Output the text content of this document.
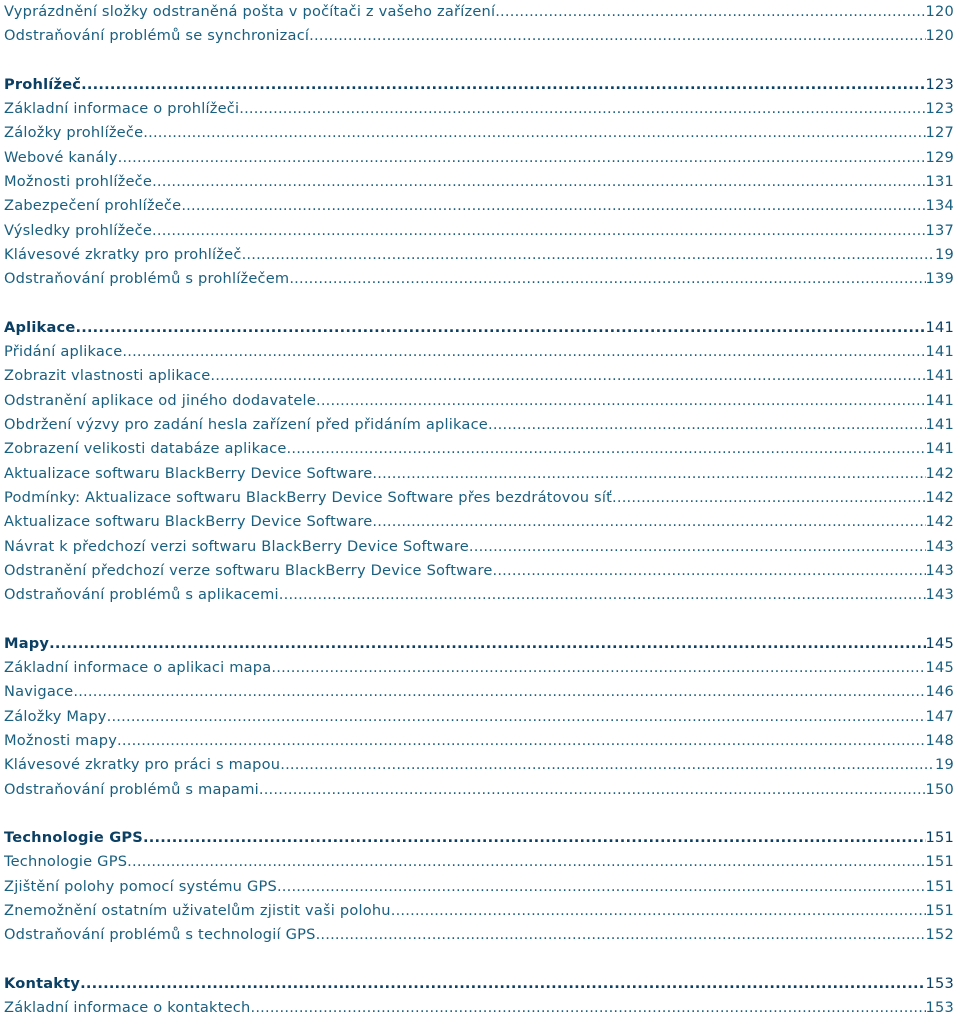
Vyprázdnění složky odstraněná pošta v počítači z vašeho zařízení .....	120
Odstraňování problémů se synchronizací .....	120
Prohlížeč .....	123
Základní informace o prohlížeči .....	123
Záložky prohlížeče .....	127
Webové kanály .....	129
Možnosti prohlížeče .....	131
Zabezpečení prohlížeče .....	134
Výsledky prohlížeče .....	137
Klávesové zkratky pro prohlížeč .....	19
Odstraňování problémů s prohlížečem .....	139
Aplikace .....	141
Přidání aplikace .....	141
Zobrazit vlastnosti aplikace .....	141
Odstranění aplikace od jiného dodavatele .....	141
Obdržení výzvy pro zadání hesla zařízení před přidáním aplikace .....	141
Zobrazení velikosti databáze aplikace .....	141
Aktualizace softwaru BlackBerry Device Software .....	142
Podmínky: Aktualizace softwaru BlackBerry Device Software přes bezdrátovou síť .....	142
Aktualizace softwaru BlackBerry Device Software .....	142
Návrat k předchozí verzi softwaru BlackBerry Device Software .....	143
Odstranění předchozí verze softwaru BlackBerry Device Software .....	143
Odstraňování problémů s aplikacemi .....	143
Mapy .....	145
Základní informace o aplikaci mapa .....	145
Navigace .....	146
Záložky Mapy .....	147
Možnosti mapy .....	148
Klávesové zkratky pro práci s mapou .....	19
Odstraňování problémů s mapami .....	150
Technologie GPS .....	151
Technologie GPS .....	151
Zjištění polohy pomocí systému GPS .....	151
Znemožnění ostatním uživatelům zjistit vaši polohu .....	151
Odstraňování problémů s technologií GPS .....	152
Kontakty .....	153
Základní informace o kontaktech .....	153
